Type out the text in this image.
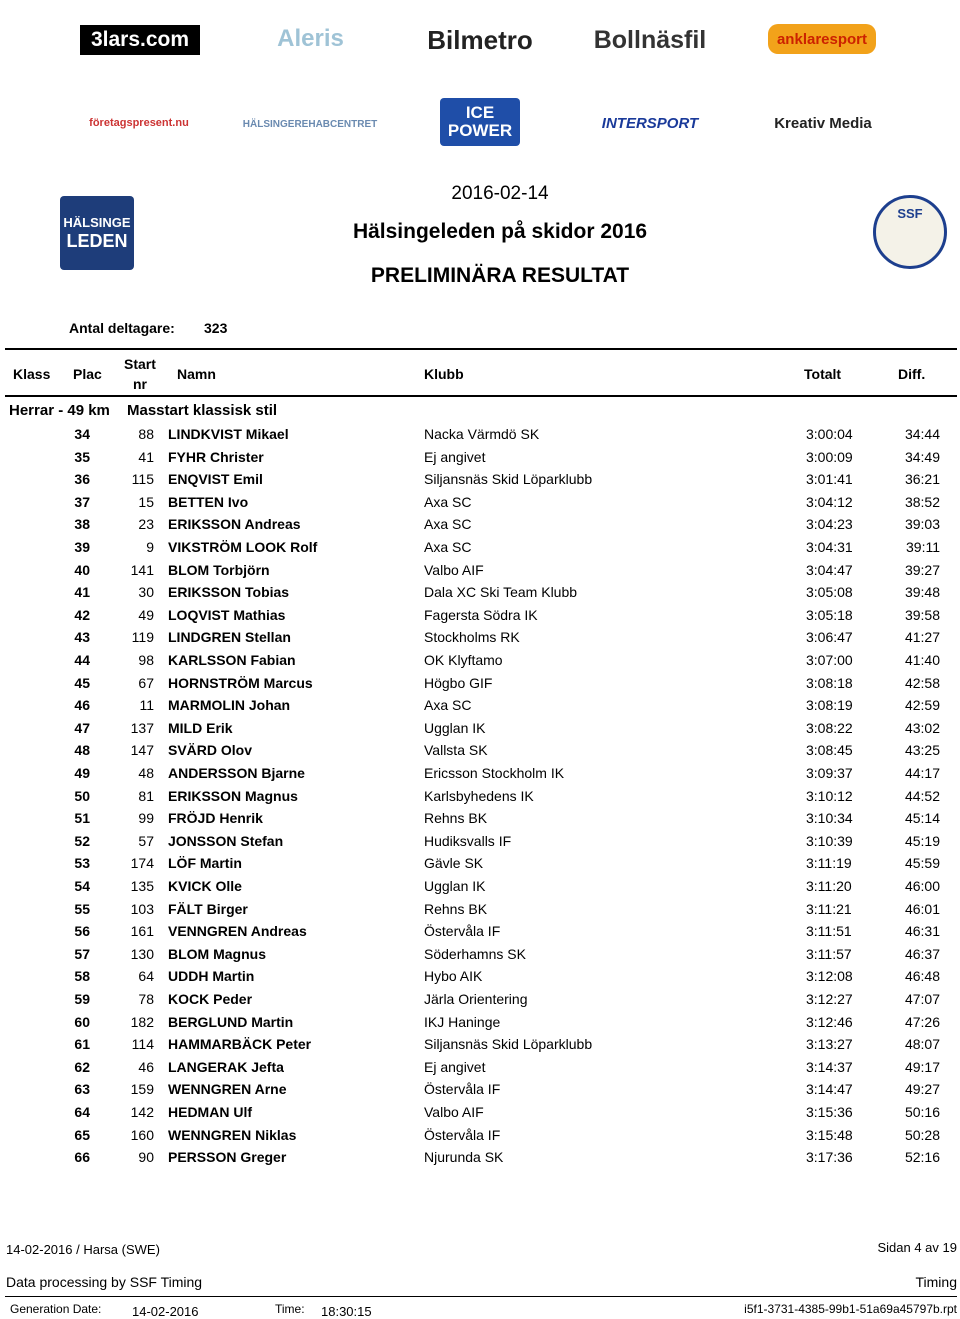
3lars.com	Aleris	Bilmetro Bollnäsfil	anklaresport
företagspresent.nu	HÄLSINGEREHABCENTRET
ICE POWER	INTERSPORT	Kreativ Media
HÄLSINGE
LEDEN
SSF
2016-02-14
Hälsingeleden på skidor 2016
PRELIMINÄRA RESULTAT
Antal deltagare: 323
Klass Plac
Start
nr
Namn	Klubb	Totalt	Diff.
Herrar - 49 km Masstart klassisk stil
34	88 LINDKVIST Mikael	Nacka Värmdö SK	3:00:04	34:44
35	41 FYHR Christer	Ej angivet	3:00:09	34:49
36	115 ENQVIST Emil	Siljansnäs Skid Löparklubb	3:01:41	36:21
37	15 BETTEN Ivo	Axa SC	3:04:12	38:52
38	23 ERIKSSON Andreas	Axa SC	3:04:23	39:03
39	9 VIKSTRÖM LOOK Rolf	Axa SC	3:04:31	39:11
40	141 BLOM Torbjörn	Valbo AIF	3:04:47	39:27
41	30 ERIKSSON Tobias	Dala XC Ski Team Klubb	3:05:08	39:48
42	49 LOQVIST Mathias	Fagersta Södra IK	3:05:18	39:58
43	119 LINDGREN Stellan	Stockholms RK	3:06:47	41:27
44	98 KARLSSON Fabian	OK Klyftamo	3:07:00	41:40
45	67 HORNSTRÖM Marcus	Högbo GIF	3:08:18	42:58
46	11 MARMOLIN Johan	Axa SC	3:08:19	42:59
47	137 MILD Erik	Ugglan IK	3:08:22	43:02
48	147 SVÄRD Olov	Vallsta SK	3:08:45	43:25
49	48 ANDERSSON Bjarne	Ericsson Stockholm IK	3:09:37	44:17
50	81 ERIKSSON Magnus	Karlsbyhedens IK	3:10:12	44:52
51	99 FRÖJD Henrik	Rehns BK	3:10:34	45:14
52	57 JONSSON Stefan	Hudiksvalls IF	3:10:39	45:19
53	174 LÖF Martin	Gävle SK	3:11:19	45:59
54	135 KVICK Olle	Ugglan IK	3:11:20	46:00
55	103 FÄLT Birger	Rehns BK	3:11:21	46:01
56	161 VENNGREN Andreas	Östervåla IF	3:11:51	46:31
57	130 BLOM Magnus	Söderhamns SK	3:11:57	46:37
58	64 UDDH Martin	Hybo AIK	3:12:08	46:48
59	78 KOCK Peder	Järla Orientering	3:12:27	47:07
60	182 BERGLUND Martin	IKJ Haninge	3:12:46	47:26
61	114 HAMMARBÄCK Peter	Siljansnäs Skid Löparklubb	3:13:27	48:07
62	46 LANGERAK Jefta	Ej angivet	3:14:37	49:17
63	159 WENNGREN Arne	Östervåla IF	3:14:47	49:27
64	142 HEDMAN Ulf	Valbo AIF	3:15:36	50:16
65	160 WENNGREN Niklas	Östervåla IF	3:15:48	50:28
66	90 PERSSON Greger	Njurunda SK	3:17:36	52:16
14-02-2016 / Harsa (SWE)	Sidan 4 av 19
Data processing by SSF Timing	Timing
Generation Date: 14-02-2016	Time: 18:30:15	i5f1-3731-4385-99b1-51a69a45797b.rpt
